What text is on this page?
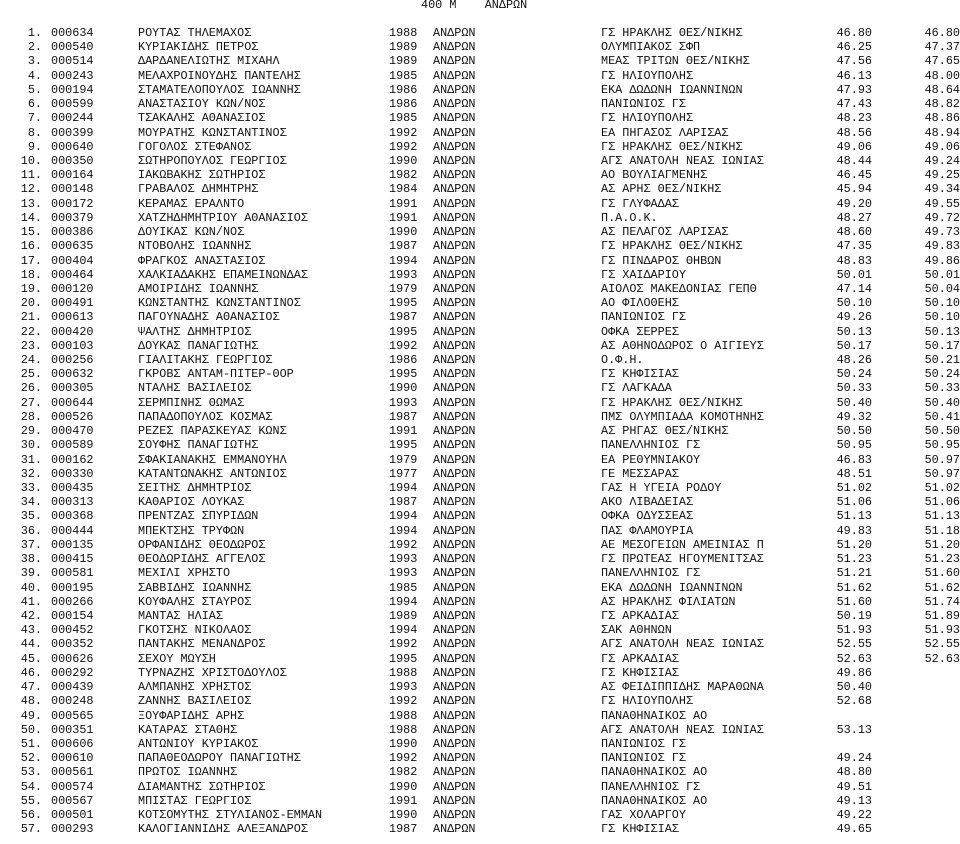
400 Μ    ΑΝΔΡΩΝ
1. 000634	ΡΟΥΤΑΣ ΤΗΛΕΜΑΧΟΣ	1988 ΑΝΔΡΩΝ	ΓΣ ΗΡΑΚΛΗΣ ΘΕΣ/ΝΙΚΗΣ	46.80	46.80
2. 000540	ΚΥΡΙΑΚΙΔΗΣ ΠΕΤΡΟΣ	1989 ΑΝΔΡΩΝ	ΟΛΥΜΠΙΑΚΟΣ ΣΦΠ	46.25	47.37
3. 000514	ΔΑΡΔΑΝΕΛΙΩΤΗΣ ΜΙΧΑΗΛ	1989 ΑΝΔΡΩΝ	ΜΕΑΣ ΤΡΙΤΩΝ ΘΕΣ/ΝΙΚΗΣ	47.56	47.65
4. 000243	ΜΕΛΑΧΡΟΙΝΟΥΔΗΣ ΠΑΝΤΕΛΗΣ	1985 ΑΝΔΡΩΝ	ΓΣ ΗΛΙΟΥΠΟΛΗΣ	46.13	48.00
5. 000194	ΣΤΑΜΑΤΕΛΟΠΟΥΛΟΣ ΙΩΑΝΝΗΣ	1986 ΑΝΔΡΩΝ	ΕΚΑ ΔΩΔΩΝΗ ΙΩΑΝΝΙΝΩΝ	47.93	48.64
6. 000599	ΑΝΑΣΤΑΣΙΟΥ ΚΩΝ/ΝΟΣ	1986 ΑΝΔΡΩΝ	ΠΑΝΙΩΝΙΟΣ ΓΣ	47.43	48.82
7. 000244	ΤΣΑΚΑΛΗΣ ΑΘΑΝΑΣΙΟΣ	1985 ΑΝΔΡΩΝ	ΓΣ ΗΛΙΟΥΠΟΛΗΣ	48.23	48.86
8. 000399	ΜΟΥΡΑΤΗΣ ΚΩΝΣΤΑΝΤΙΝΟΣ	1992 ΑΝΔΡΩΝ	ΕΑ ΠΗΓΑΣΟΣ ΛΑΡΙΣΑΣ	48.56	48.94
9. 000640	ΓΟΓΟΛΟΣ ΣΤΕΦΑΝΟΣ	1992 ΑΝΔΡΩΝ	ΓΣ ΗΡΑΚΛΗΣ ΘΕΣ/ΝΙΚΗΣ	49.06	49.06
10. 000350	ΣΩΤΗΡΟΠΟΥΛΟΣ ΓΕΩΡΓΙΟΣ	1990 ΑΝΔΡΩΝ	ΑΓΣ ΑΝΑΤΟΛΗ ΝΕΑΣ ΙΩΝΙΑΣ	48.44	49.24
11. 000164	ΙΑΚΩΒΑΚΗΣ ΣΩΤΗΡΙΟΣ	1982 ΑΝΔΡΩΝ	ΑΟ ΒΟΥΛΙΑΓΜΕΝΗΣ	46.45	49.25
12. 000148	ΓΡΑΒΑΛΟΣ ΔΗΜΗΤΡΗΣ	1984 ΑΝΔΡΩΝ	ΑΣ ΑΡΗΣ ΘΕΣ/ΝΙΚΗΣ	45.94	49.34
13. 000172	ΚΕΡΑΜΑΣ ΕΡΑΛΝΤΟ	1991 ΑΝΔΡΩΝ	ΓΣ ΓΛΥΦΑΔΑΣ	49.20	49.55
14. 000379	ΧΑΤΖΗΔΗΜΗΤΡΙΟΥ ΑΘΑΝΑΣΙΟΣ	1991 ΑΝΔΡΩΝ	Π.Α.Ο.Κ.	48.27	49.72
15. 000386	ΔΟΥΙΚΑΣ ΚΩΝ/ΝΟΣ	1990 ΑΝΔΡΩΝ	ΑΣ ΠΕΛΑΓΟΣ ΛΑΡΙΣΑΣ	48.60	49.73
16. 000635	ΝΤΟΒΟΛΗΣ ΙΩΑΝΝΗΣ	1987 ΑΝΔΡΩΝ	ΓΣ ΗΡΑΚΛΗΣ ΘΕΣ/ΝΙΚΗΣ	47.35	49.83
17. 000404	ΦΡΑΓΚΟΣ ΑΝΑΣΤΑΣΙΟΣ	1994 ΑΝΔΡΩΝ	ΓΣ ΠΙΝΔΑΡΟΣ ΘΗΒΩΝ	48.83	49.86
18. 000464	ΧΑΛΚΙΑΔΑΚΗΣ ΕΠΑΜΕΙΝΩΝΔΑΣ	1993 ΑΝΔΡΩΝ	ΓΣ ΧΑΙΔΑΡΙΟΥ	50.01	50.01
19. 000120	ΑΜΟΙΡΙΔΗΣ ΙΩΑΝΝΗΣ	1979 ΑΝΔΡΩΝ	ΑΙΟΛΟΣ ΜΑΚΕΔΟΝΙΑΣ ΓΕΠΘ	47.14	50.04
20. 000491	ΚΩΝΣΤΑΝΤΗΣ ΚΩΝΣΤΑΝΤΙΝΟΣ	1995 ΑΝΔΡΩΝ	ΑΟ ΦΙΛΟΘΕΗΣ	50.10	50.10
21. 000613	ΠΑΓΟΥΝΑΔΗΣ ΑΘΑΝΑΣΙΟΣ	1987 ΑΝΔΡΩΝ	ΠΑΝΙΩΝΙΟΣ ΓΣ	49.26	50.10
22. 000420	ΨΑΛΤΗΣ ΔΗΜΗΤΡΙΟΣ	1995 ΑΝΔΡΩΝ	ΟΦΚΑ ΣΕΡΡΕΣ	50.13	50.13
23. 000103	ΔΟΥΚΑΣ ΠΑΝΑΓΙΩΤΗΣ	1992 ΑΝΔΡΩΝ	ΑΣ ΑΘΗΝΟΔΩΡΟΣ Ο ΑΙΓΙΕΥΣ	50.17	50.17
24. 000256	ΓΙΑΛΙΤΑΚΗΣ ΓΕΩΡΓΙΟΣ	1986 ΑΝΔΡΩΝ	Ο.Φ.Η.	48.26	50.21
25. 000632	ΓΚΡΟΒΣ ΑΝΤΑΜ-ΠΙΤΕΡ-ΘΟΡ	1995 ΑΝΔΡΩΝ	ΓΣ ΚΗΦΙΣΙΑΣ	50.24	50.24
26. 000305	ΝΤΑΛΗΣ ΒΑΣΙΛΕΙΟΣ	1990 ΑΝΔΡΩΝ	ΓΣ ΛΑΓΚΑΔΑ	50.33	50.33
27. 000644	ΣΕΡΜΠΙΝΗΣ ΘΩΜΑΣ	1993 ΑΝΔΡΩΝ	ΓΣ ΗΡΑΚΛΗΣ ΘΕΣ/ΝΙΚΗΣ	50.40	50.40
28. 000526	ΠΑΠΑΔΟΠΟΥΛΟΣ ΚΟΣΜΑΣ	1987 ΑΝΔΡΩΝ	ΠΜΣ ΟΛΥΜΠΙΑΔΑ ΚΟΜΟΤΗΝΗΣ	49.32	50.41
29. 000470	ΡΕΖΕΣ ΠΑΡΑΣΚΕΥΑΣ ΚΩΝΣ	1991 ΑΝΔΡΩΝ	ΑΣ ΡΗΓΑΣ ΘΕΣ/ΝΙΚΗΣ	50.50	50.50
30. 000589	ΣΟΥΦΗΣ ΠΑΝΑΓΙΩΤΗΣ	1995 ΑΝΔΡΩΝ	ΠΑΝΕΛΛΗΝΙΟΣ ΓΣ	50.95	50.95
31. 000162	ΣΦΑΚΙΑΝΑΚΗΣ ΕΜΜΑΝΟΥΗΛ	1979 ΑΝΔΡΩΝ	ΕΑ ΡΕΘΥΜΝΙΑΚΟΥ	46.83	50.97
32. 000330	ΚΑΤΑΝΤΩΝΑΚΗΣ ΑΝΤΩΝΙΟΣ	1977 ΑΝΔΡΩΝ	ΓΕ ΜΕΣΣΑΡΑΣ	48.51	50.97
33. 000435	ΣΕΙΤΗΣ ΔΗΜΗΤΡΙΟΣ	1994 ΑΝΔΡΩΝ	ΓΑΣ Η ΥΓΕΙΑ ΡΟΔΟΥ	51.02	51.02
34. 000313	ΚΑΘΑΡΙΟΣ ΛΟΥΚΑΣ	1987 ΑΝΔΡΩΝ	ΑΚΟ ΛΙΒΑΔΕΙΑΣ	51.06	51.06
35. 000368	ΠΡΕΝΤΖΑΣ ΣΠΥΡΙΔΩΝ	1994 ΑΝΔΡΩΝ	ΟΦΚΑ ΟΔΥΣΣΕΑΣ	51.13	51.13
36. 000444	ΜΠΕΚΤΣΗΣ ΤΡΥΦΩΝ	1994 ΑΝΔΡΩΝ	ΠΑΣ ΦΛΑΜΟΥΡΙΑ	49.83	51.18
37. 000135	ΟΡΦΑΝΙΔΗΣ ΘΕΟΔΩΡΟΣ	1992 ΑΝΔΡΩΝ	ΑΕ ΜΕΣΟΓΕΙΩΝ ΑΜΕΙΝΙΑΣ Π	51.20	51.20
38. 000415	ΘΕΟΔΩΡΙΔΗΣ ΑΓΓΕΛΟΣ	1993 ΑΝΔΡΩΝ	ΓΣ ΠΡΩΤΕΑΣ ΗΓΟΥΜΕΝΙΤΣΑΣ	51.23	51.23
39. 000581	ΜΕΧΙΛΙ ΧΡΗΣΤΟ	1993 ΑΝΔΡΩΝ	ΠΑΝΕΛΛΗΝΙΟΣ ΓΣ	51.21	51.60
40. 000195	ΣΑΒΒΙΔΗΣ ΙΩΑΝΝΗΣ	1985 ΑΝΔΡΩΝ	ΕΚΑ ΔΩΔΩΝΗ ΙΩΑΝΝΙΝΩΝ	51.62	51.62
41. 000266	ΚΟΥΦΑΛΗΣ ΣΤΑΥΡΟΣ	1994 ΑΝΔΡΩΝ	ΑΣ ΗΡΑΚΛΗΣ ΦΙΛΙΑΤΩΝ	51.60	51.74
42. 000154	ΜΑΝΤΑΣ ΗΛΙΑΣ	1989 ΑΝΔΡΩΝ	ΓΣ ΑΡΚΑΔΙΑΣ	50.19	51.89
43. 000452	ΓΚΟΤΣΗΣ ΝΙΚΟΛΑΟΣ	1994 ΑΝΔΡΩΝ	ΣΑΚ ΑΘΗΝΩΝ	51.93	51.93
44. 000352	ΠΑΝΤΑΚΗΣ ΜΕΝΑΝΔΡΟΣ	1992 ΑΝΔΡΩΝ	ΑΓΣ ΑΝΑΤΟΛΗ ΝΕΑΣ ΙΩΝΙΑΣ	52.55	52.55
45. 000626	ΣΕΧΟΥ ΜΩΥΣΗ	1995 ΑΝΔΡΩΝ	ΓΣ ΑΡΚΑΔΙΑΣ	52.63	52.63
46. 000292	ΤΥΡΝΑΖΗΣ ΧΡΙΣΤΟΔΟΥΛΟΣ	1988 ΑΝΔΡΩΝ	ΓΣ ΚΗΦΙΣΙΑΣ	49.86
47. 000439	ΑΛΜΠΑΝΗΣ ΧΡΗΣΤΟΣ	1993 ΑΝΔΡΩΝ	ΑΣ ΦΕΙΔΙΠΠΙΔΗΣ ΜΑΡΑΘΩΝΑ	50.40
48. 000248	ΖΑΝΝΗΣ ΒΑΣΙΛΕΙΟΣ	1992 ΑΝΔΡΩΝ	ΓΣ ΗΛΙΟΥΠΟΛΗΣ	52.68
49. 000565	ΞΟΥΦΑΡΙΔΗΣ ΑΡΗΣ	1988 ΑΝΔΡΩΝ	ΠΑΝΑΘΗΝΑΙΚΟΣ ΑΟ
50. 000351	ΚΑΤΑΡΑΣ ΣΤΑΘΗΣ	1988 ΑΝΔΡΩΝ	ΑΓΣ ΑΝΑΤΟΛΗ ΝΕΑΣ ΙΩΝΙΑΣ	53.13
51. 000606	ΑΝΤΩΝΙΟΥ ΚΥΡΙΑΚΟΣ	1990 ΑΝΔΡΩΝ	ΠΑΝΙΩΝΙΟΣ ΓΣ
52. 000610	ΠΑΠΑΘΕΟΔΩΡΟΥ ΠΑΝΑΓΙΩΤΗΣ	1992 ΑΝΔΡΩΝ	ΠΑΝΙΩΝΙΟΣ ΓΣ	49.24
53. 000561	ΠΡΩΤΟΣ ΙΩΑΝΝΗΣ	1982 ΑΝΔΡΩΝ	ΠΑΝΑΘΗΝΑΙΚΟΣ ΑΟ	48.80
54. 000574	ΔΙΑΜΑΝΤΗΣ ΣΩΤΗΡΙΟΣ	1990 ΑΝΔΡΩΝ	ΠΑΝΕΛΛΗΝΙΟΣ ΓΣ	49.51
55. 000567	ΜΠΙΣΤΑΣ ΓΕΩΡΓΙΟΣ	1991 ΑΝΔΡΩΝ	ΠΑΝΑΘΗΝΑΙΚΟΣ ΑΟ	49.13
56. 000501	ΚΟΤΣΟΜΥΤΗΣ ΣΤΥΛΙΑΝΟΣ-ΕΜΜΑΝ	1990 ΑΝΔΡΩΝ	ΓΑΣ ΧΟΛΑΡΓΟΥ	49.22
57. 000293	ΚΑΛΟΓΙΑΝΝΙΔΗΣ ΑΛΕΞΑΝΔΡΟΣ	1987 ΑΝΔΡΩΝ	ΓΣ ΚΗΦΙΣΙΑΣ	49.65
